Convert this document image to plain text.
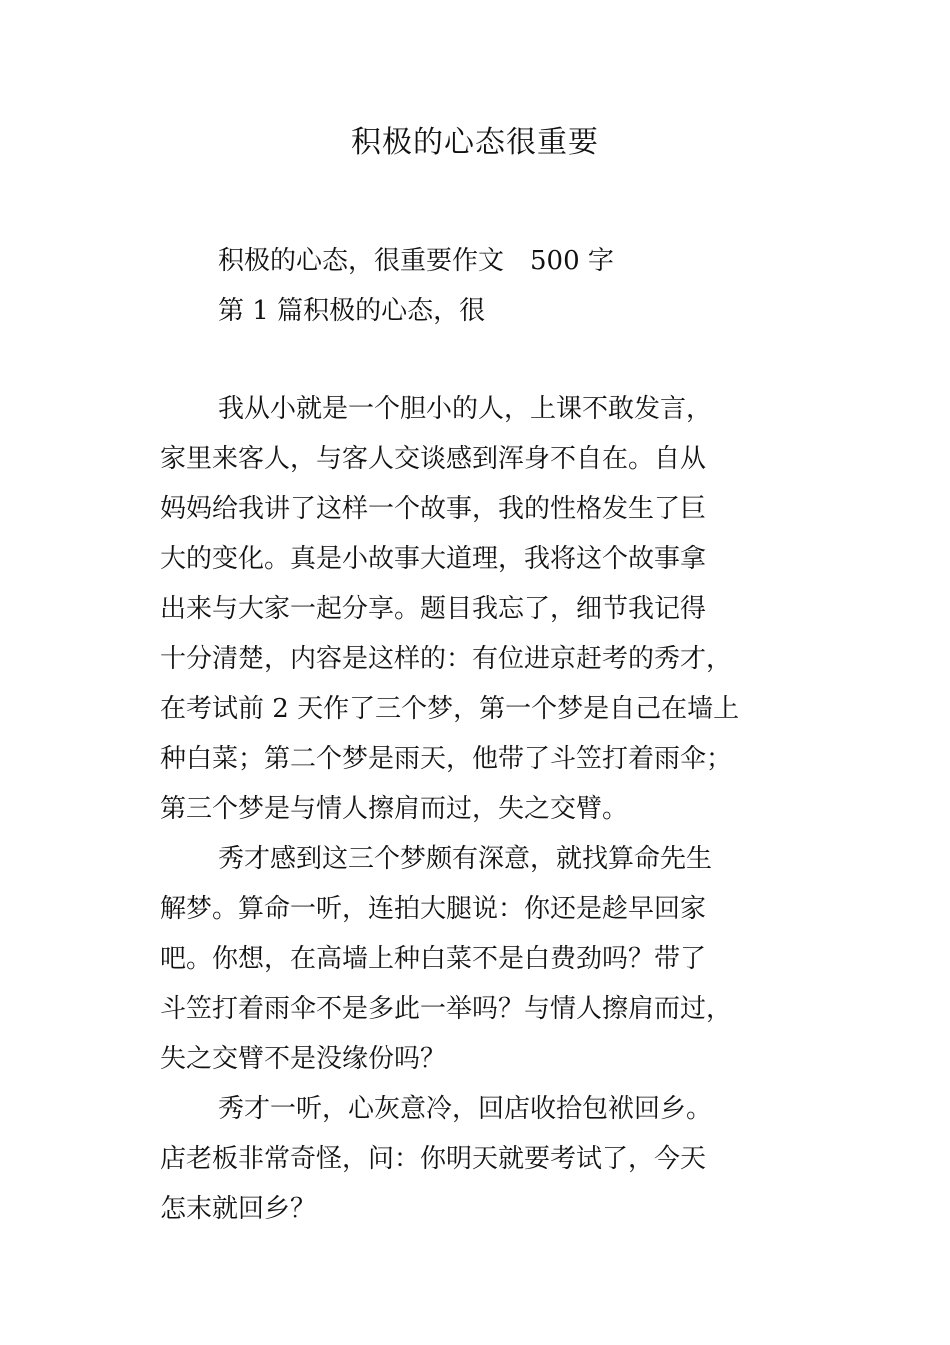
积极的心态很重要
积极的心态，很重要作文　500 字
第 1 篇积极的心态，很

我从小就是一个胆小的人，上课不敢发言，
家里来客人，与客人交谈感到浑身不自在。自从
妈妈给我讲了这样一个故事，我的性格发生了巨
大的变化。真是小故事大道理，我将这个故事拿
出来与大家一起分享。题目我忘了，细节我记得
十分清楚，内容是这样的：有位进京赶考的秀才，
在考试前 2 天作了三个梦，第一个梦是自己在墙上
种白菜；第二个梦是雨天，他带了斗笠打着雨伞；
第三个梦是与情人擦肩而过，失之交臂。

秀才感到这三个梦颇有深意，就找算命先生
解梦。算命一听，连拍大腿说：你还是趁早回家
吧。你想，在高墙上种白菜不是白费劲吗？带了
斗笠打着雨伞不是多此一举吗？与情人擦肩而过，
失之交臂不是没缘份吗？

秀才一听，心灰意冷，回店收拾包袱回乡。
店老板非常奇怪，问：你明天就要考试了，今天
怎末就回乡？
